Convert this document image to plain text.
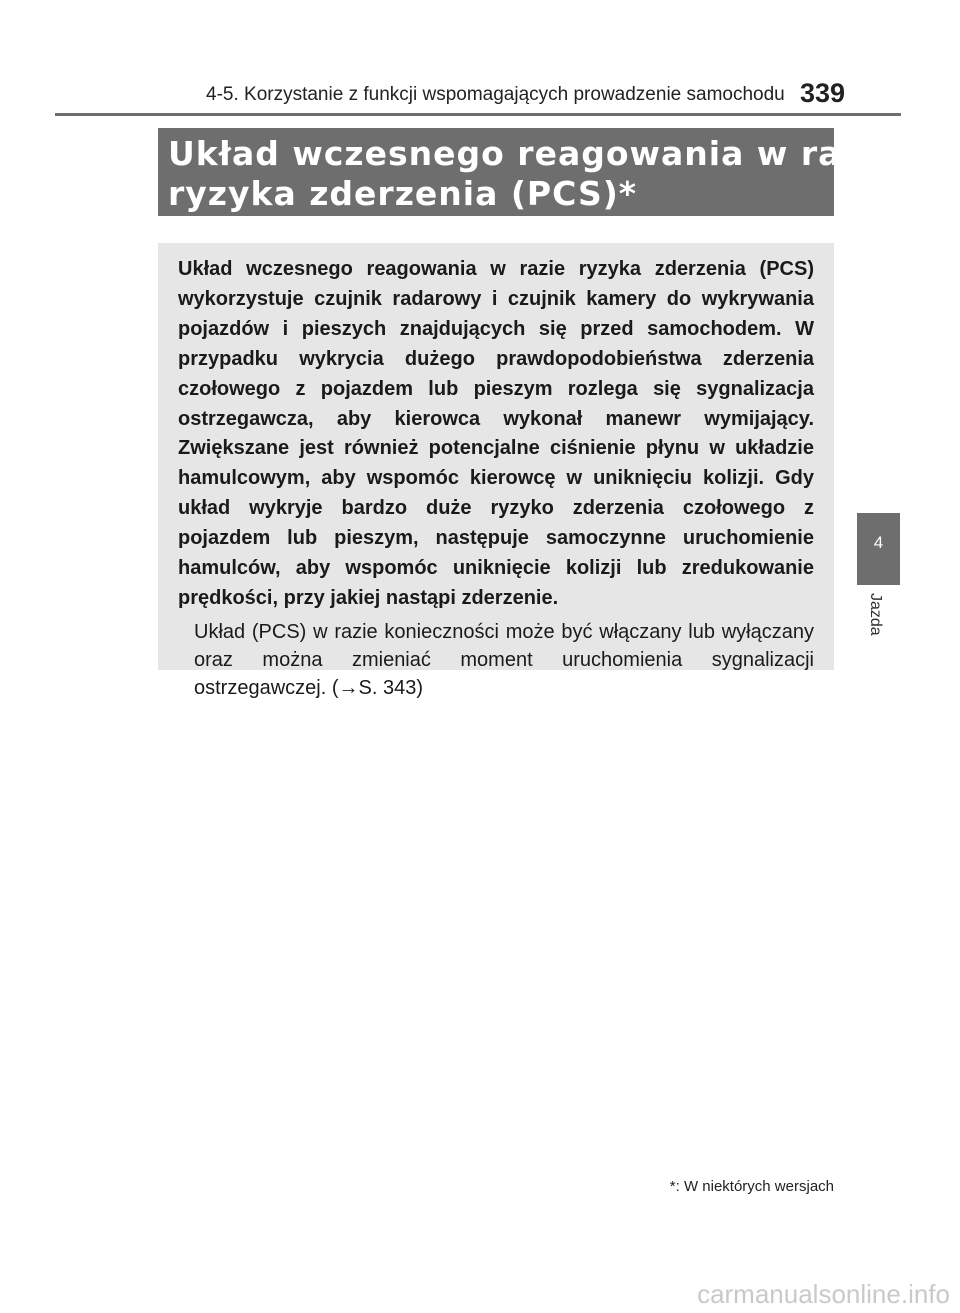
4-5. Korzystanie z funkcji wspomagających prowadzenie samochodu 339
Układ wczesnego reagowania w razie
ryzyka zderzenia (PCS)*

Układ wczesnego reagowania w razie ryzyka zderzenia (PCS) wykorzystuje czujnik radarowy i czujnik kamery do wykrywania pojazdów i pieszych znajdujących się przed samochodem. W przypadku wykrycia dużego prawdopodobieństwa zderzenia czołowego z pojazdem lub pieszym rozlega się sygnalizacja ostrzegawcza, aby kierowca wykonał manewr wymijający. Zwiększane jest również potencjalne ciśnienie płynu w układzie hamulcowym, aby wspomóc kierowcę w uniknięciu kolizji. Gdy układ wykryje bardzo duże ryzyko zderzenia czołowego z pojazdem lub pieszym, następuje samoczynne uruchomienie hamulców, aby wspomóc uniknięcie kolizji lub zredukowanie prędkości, przy jakiej nastąpi zderzenie.

Układ (PCS) w razie konieczności może być włączany lub wyłączany oraz można zmieniać moment uruchomienia sygnalizacji ostrzegawczej. (→S. 343)

4
Jazda
*: W niektórych wersjach
carmanualsonline.info
